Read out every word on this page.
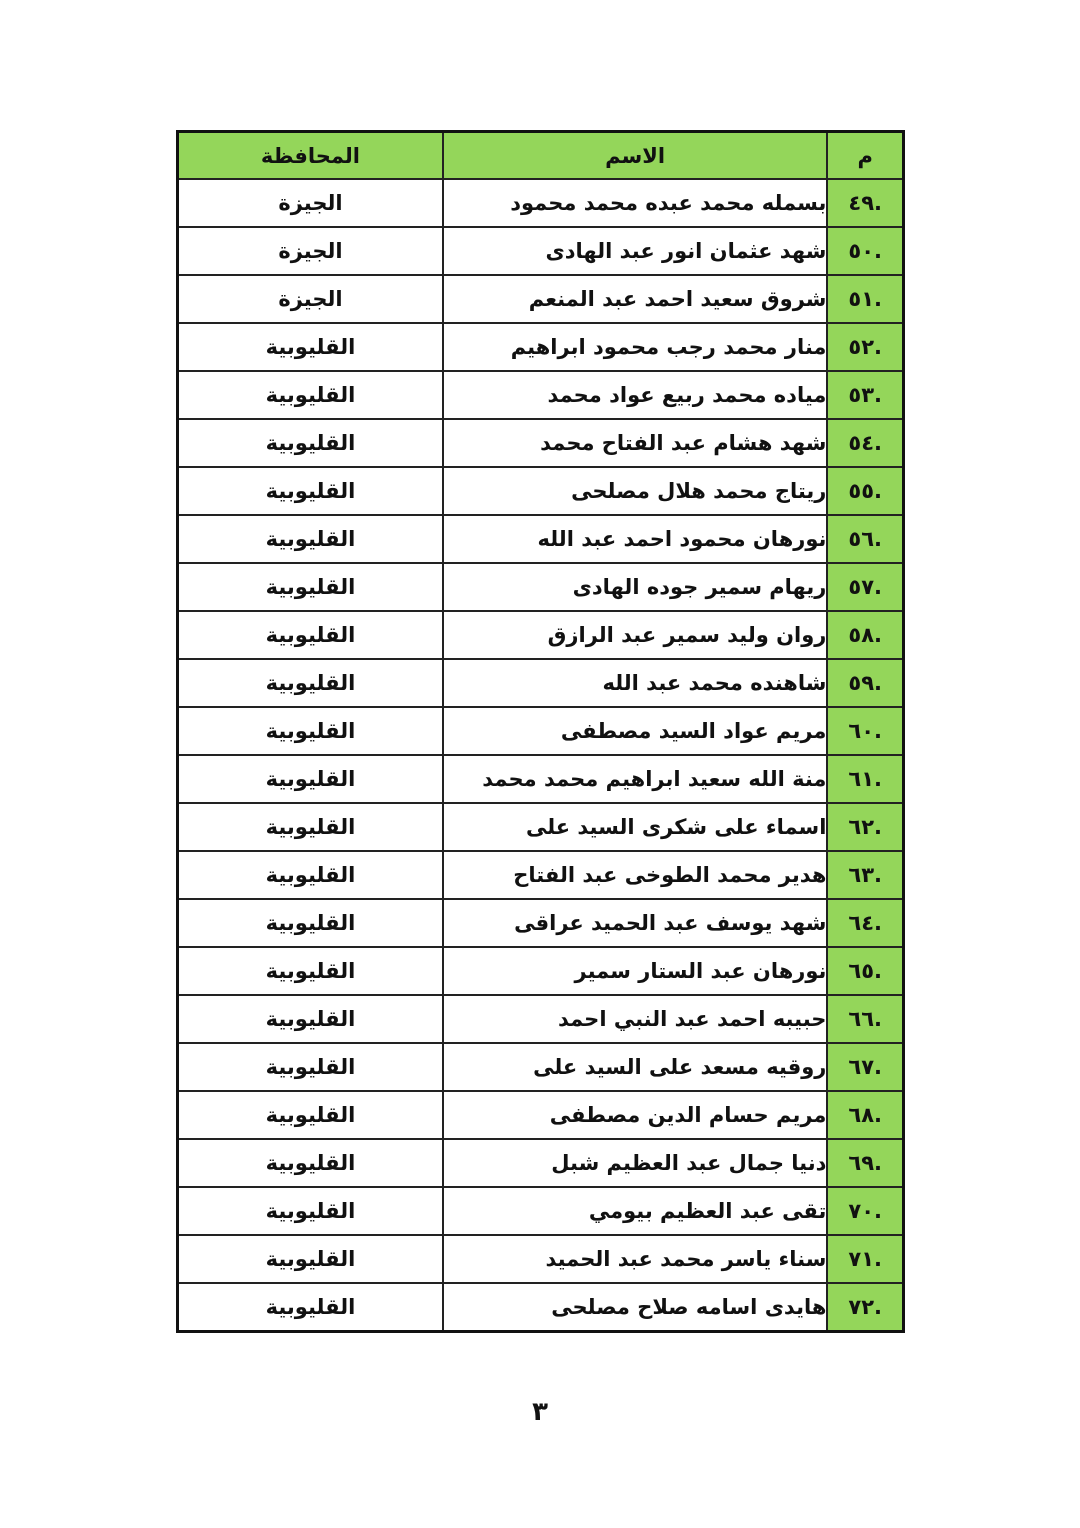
م	الاسم	المحافظة
.٤٩	بسمله محمد عبده محمد محمود	الجيزة
.٥٠	شهد عثمان انور عبد الهادى	الجيزة
.٥١	شروق سعيد احمد عبد المنعم	الجيزة
.٥٢	منار محمد رجب محمود ابراهيم	القليوبية
.٥٣	مياده محمد ربيع عواد محمد	القليوبية
.٥٤	شهد هشام عبد الفتاح محمد	القليوبية
.٥٥	ريتاج محمد هلال مصلحى	القليوبية
.٥٦	نورهان محمود احمد عبد الله	القليوبية
.٥٧	ريهام سمير جوده الهادى	القليوبية
.٥٨	روان وليد سمير عبد الرازق	القليوبية
.٥٩	شاهنده محمد عبد الله	القليوبية
.٦٠	مريم عواد السيد مصطفى	القليوبية
.٦١	منة الله سعيد ابراهيم محمد محمد	القليوبية
.٦٢	اسماء على شكرى السيد على	القليوبية
.٦٣	هدير محمد الطوخى عبد الفتاح	القليوبية
.٦٤	شهد يوسف عبد الحميد عراقى	القليوبية
.٦٥	نورهان عبد الستار سمير	القليوبية
.٦٦	حبيبه احمد عبد النبي احمد	القليوبية
.٦٧	روقيه مسعد على السيد على	القليوبية
.٦٨	مريم حسام الدين مصطفى	القليوبية
.٦٩	دنيا جمال عبد العظيم شبل	القليوبية
.٧٠	تقى عبد العظيم بيومي	القليوبية
.٧١	سناء ياسر محمد عبد الحميد	القليوبية
.٧٢	هايدى اسامه صلاح مصلحى	القليوبية
٣
